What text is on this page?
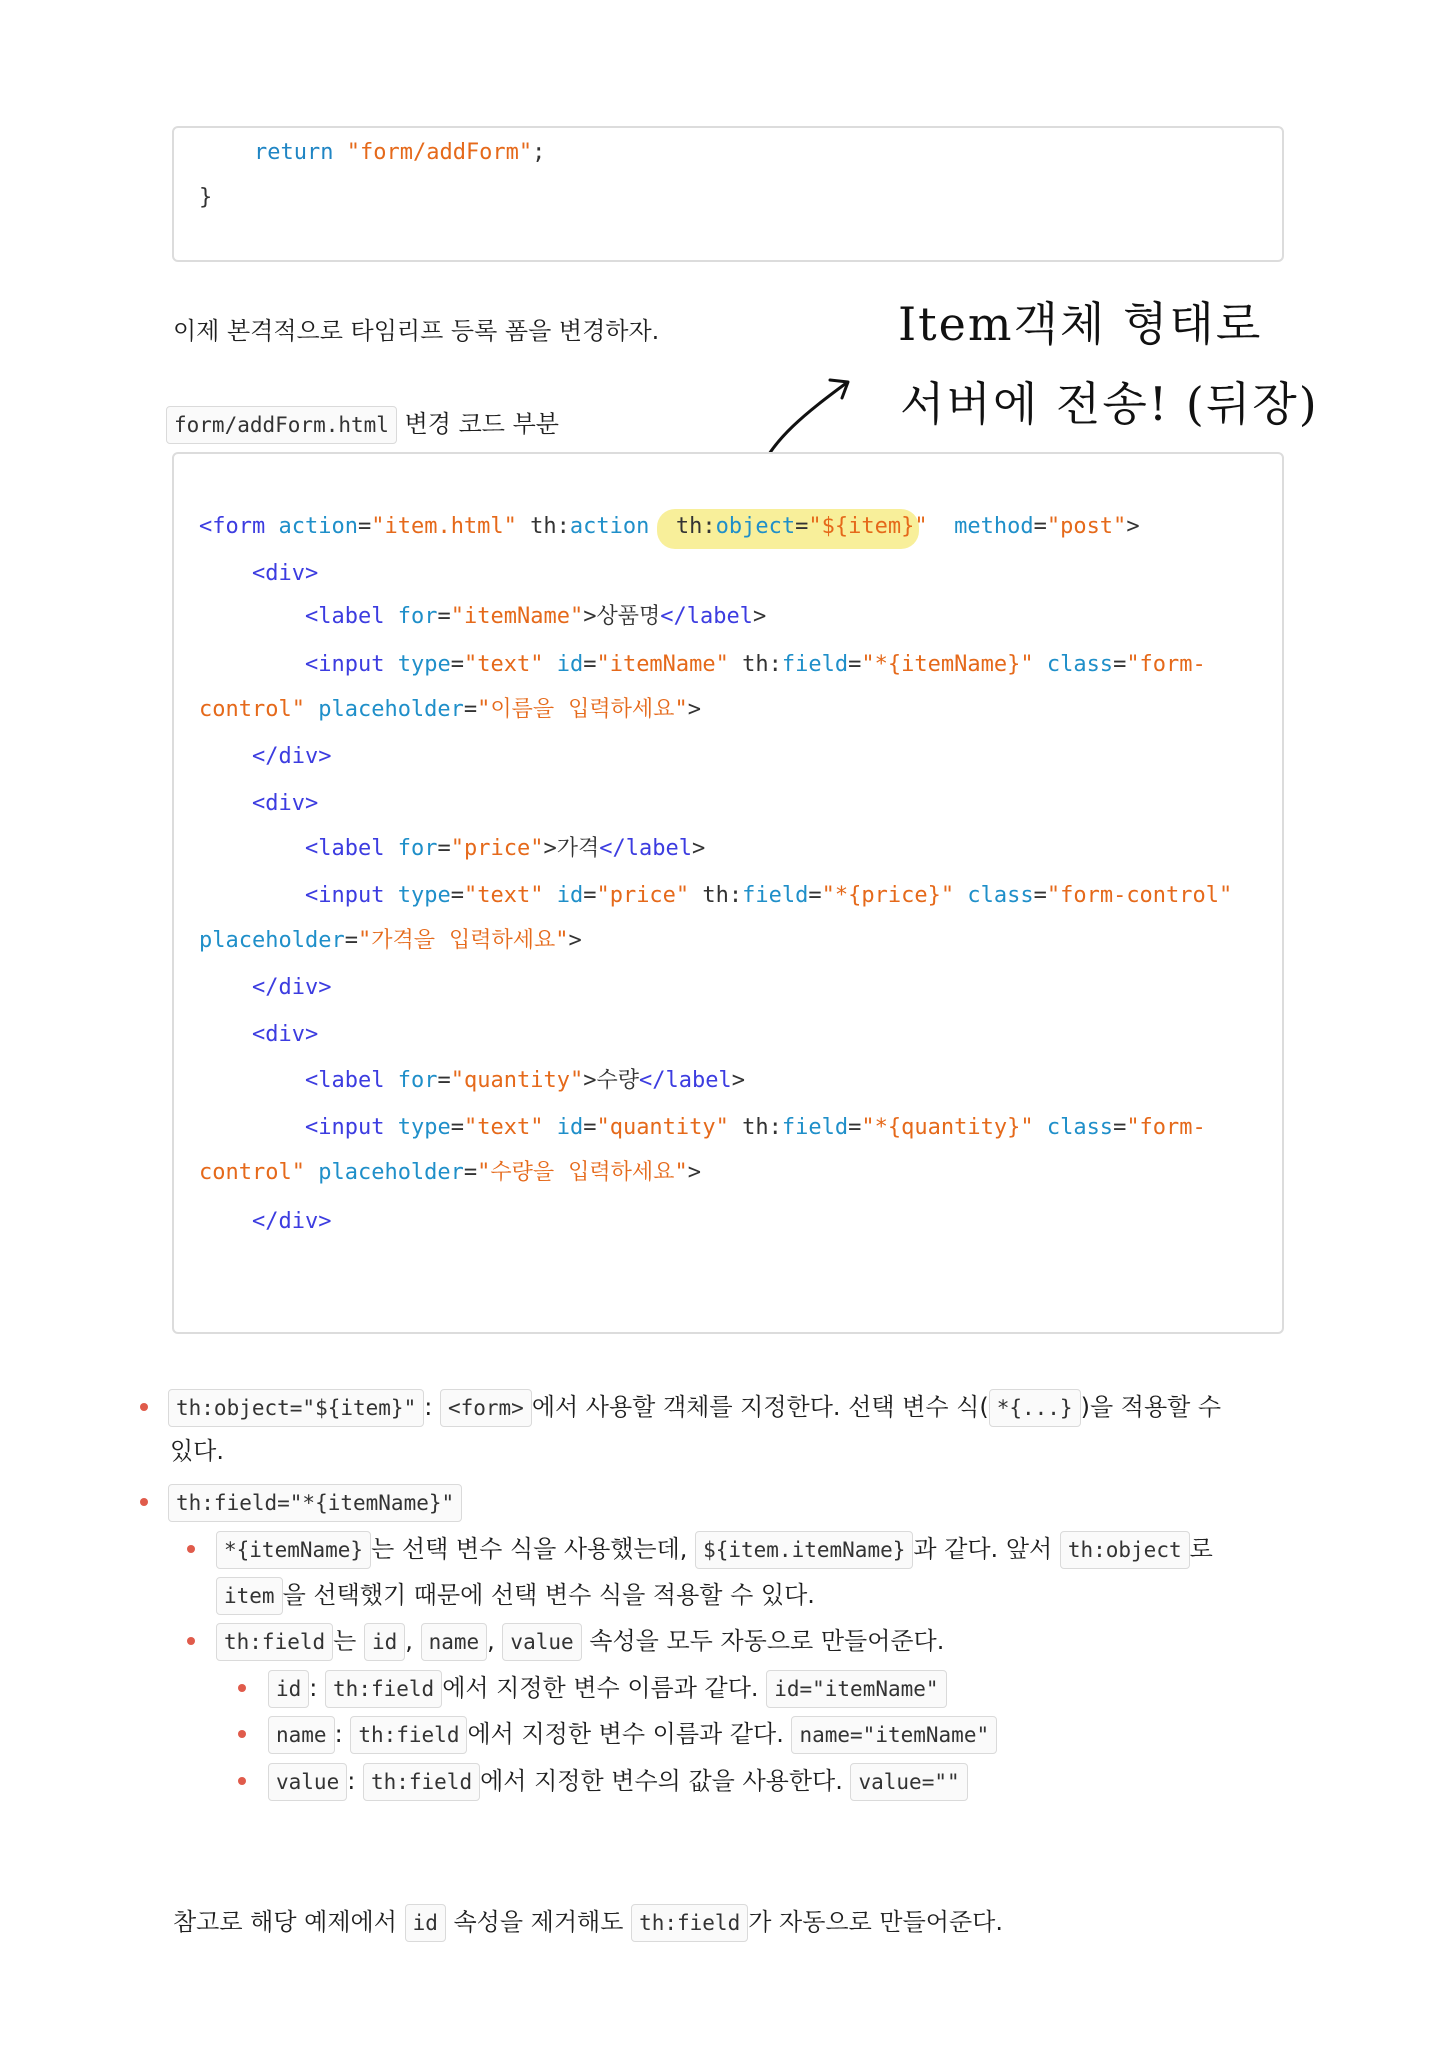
return "form/addForm";
}
이제 본격적으로 타임리프 등록 폼을 변경하자.
form/addForm.html 변경 코드 부분
Item객체 형태로
서버에 전송! (뒤장)
<form action="item.html" th:action th:object="${item}" method="post">
<div>
<label for="itemName">상품명</label>
<input type="text" id="itemName" th:field="*{itemName}" class="form-
control" placeholder="이름을  입력하세요">
</div>
<div>
<label for="price">가격</label>
<input type="text" id="price" th:field="*{price}" class="form-control"
placeholder="가격을  입력하세요">
</div>
<div>
<label for="quantity">수량</label>
<input type="text" id="quantity" th:field="*{quantity}" class="form-
control" placeholder="수량을  입력하세요">
</div>
th:object="${item}" : <form> 에서 사용할 객체를 지정한다. 선택 변수 식( *{...} )을 적용할 수
있다.
th:field="*{itemName}"
*{itemName} 는 선택 변수 식을 사용했는데, ${item.itemName} 과 같다. 앞서 th:object 로
item 을 선택했기 때문에 선택 변수 식을 적용할 수 있다.
th:field 는 id , name , value 속성을 모두 자동으로 만들어준다.
id : th:field 에서 지정한 변수 이름과 같다. id="itemName"
name : th:field 에서 지정한 변수 이름과 같다. name="itemName"
value : th:field 에서 지정한 변수의 값을 사용한다. value=""
참고로 해당 예제에서 id 속성을 제거해도 th:field 가 자동으로 만들어준다.
